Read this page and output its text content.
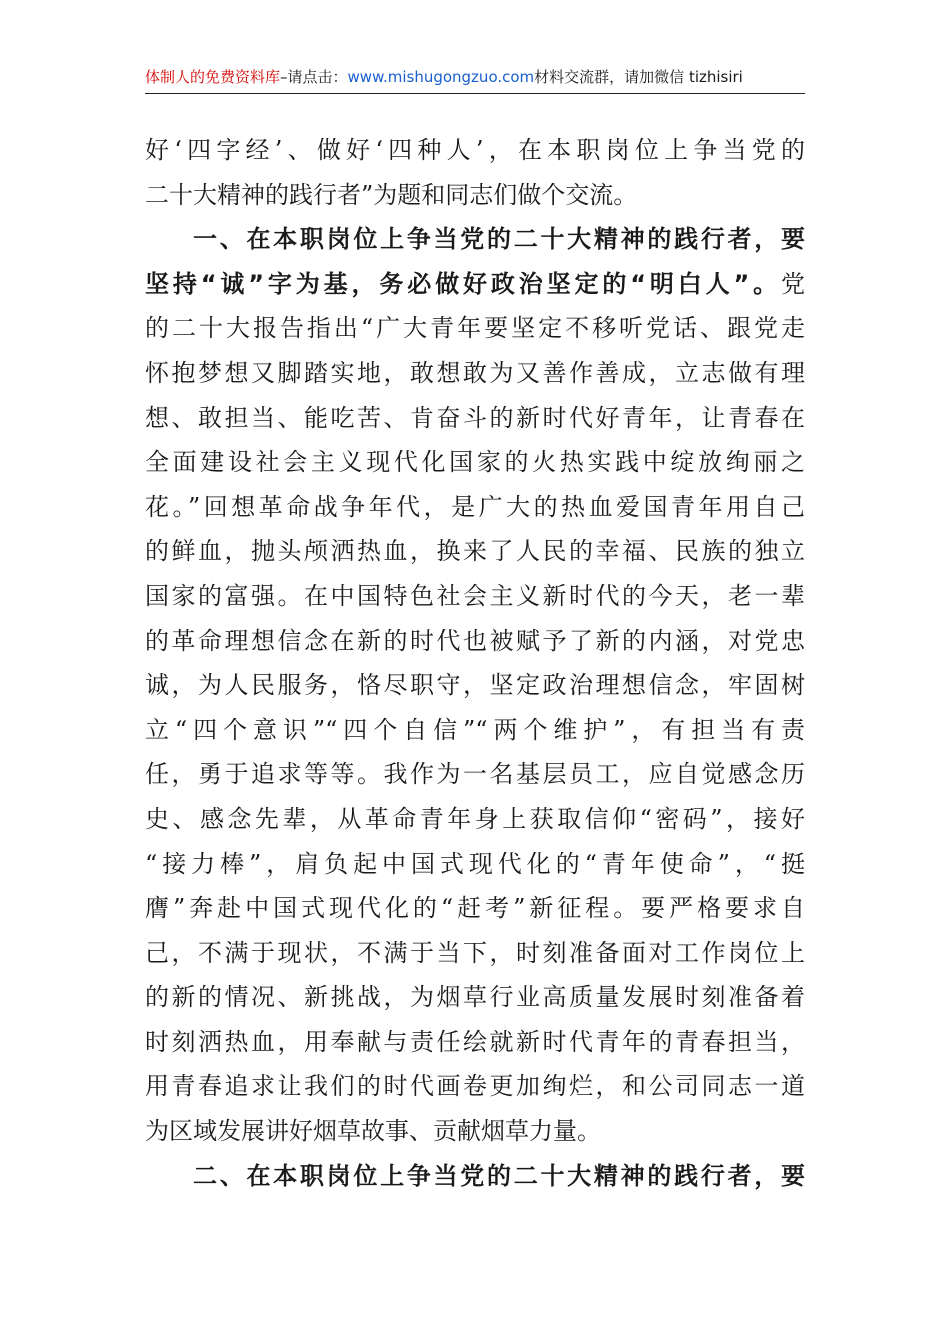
体制人的免费资料库–请点击：www.mishugongzuo.com材料交流群，请加微信 tizhisiri
好‘四字经’、做好‘四种人’，在本职岗位上争当党的
二十大精神的践行者”为题和同志们做个交流。
一、在本职岗位上争当党的二十大精神的践行者，要
坚持“诚”字为基，务必做好政治坚定的“明白人”。党
的二十大报告指出“广大青年要坚定不移听党话、跟党走
怀抱梦想又脚踏实地，敢想敢为又善作善成，立志做有理
想、敢担当、能吃苦、肯奋斗的新时代好青年，让青春在
全面建设社会主义现代化国家的火热实践中绽放绚丽之
花。”回想革命战争年代，是广大的热血爱国青年用自己
的鲜血，抛头颅洒热血，换来了人民的幸福、民族的独立
国家的富强。在中国特色社会主义新时代的今天，老一辈
的革命理想信念在新的时代也被赋予了新的内涵，对党忠
诚，为人民服务，恪尽职守，坚定政治理想信念，牢固树
立“四个意识”“四个自信”“两个维护”，有担当有责
任，勇于追求等等。我作为一名基层员工，应自觉感念历
史、感念先辈，从革命青年身上获取信仰“密码”，接好
“接力棒”，肩负起中国式现代化的“青年使命”，“挺
膺”奔赴中国式现代化的“赶考”新征程。要严格要求自
己，不满于现状，不满于当下，时刻准备面对工作岗位上
的新的情况、新挑战，为烟草行业高质量发展时刻准备着
时刻洒热血，用奉献与责任绘就新时代青年的青春担当，
用青春追求让我们的时代画卷更加绚烂，和公司同志一道
为区域发展讲好烟草故事、贡献烟草力量。
二、在本职岗位上争当党的二十大精神的践行者，要
